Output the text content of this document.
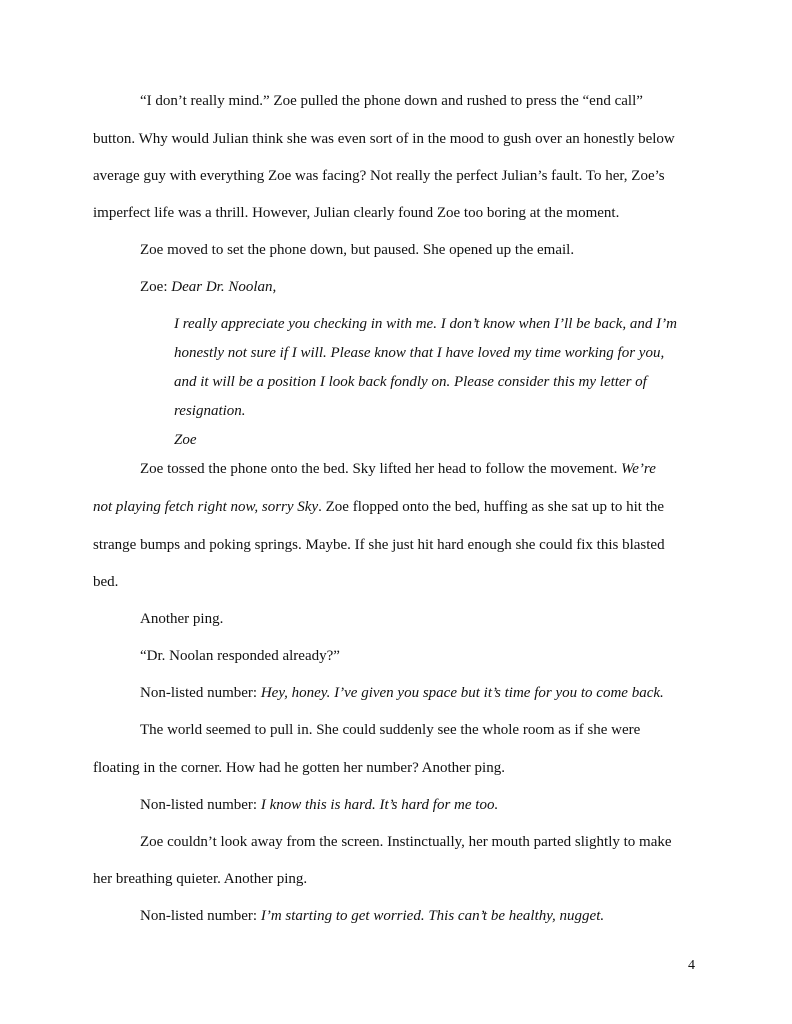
“I don’t really mind.” Zoe pulled the phone down and rushed to press the “end call”
button. Why would Julian think she was even sort of in the mood to gush over an honestly below
average guy with everything Zoe was facing? Not really the perfect Julian’s fault. To her, Zoe’s
imperfect life was a thrill. However, Julian clearly found Zoe too boring at the moment.
Zoe moved to set the phone down, but paused. She opened up the email.
Zoe: Dear Dr. Noolan,
I really appreciate you checking in with me. I don’t know when I’ll be back, and I’m
honestly not sure if I will. Please know that I have loved my time working for you,
and it will be a position I look back fondly on. Please consider this my letter of
resignation.
Zoe
Zoe tossed the phone onto the bed. Sky lifted her head to follow the movement. We’re
not playing fetch right now, sorry Sky. Zoe flopped onto the bed, huffing as she sat up to hit the
strange bumps and poking springs. Maybe. If she just hit hard enough she could fix this blasted
bed.
Another ping.
“Dr. Noolan responded already?”
Non-listed number: Hey, honey. I’ve given you space but it’s time for you to come back.
The world seemed to pull in. She could suddenly see the whole room as if she were
floating in the corner. How had he gotten her number? Another ping.
Non-listed number: I know this is hard. It’s hard for me too.
Zoe couldn’t look away from the screen. Instinctually, her mouth parted slightly to make
her breathing quieter. Another ping.
Non-listed number: I’m starting to get worried. This can’t be healthy, nugget.
4
